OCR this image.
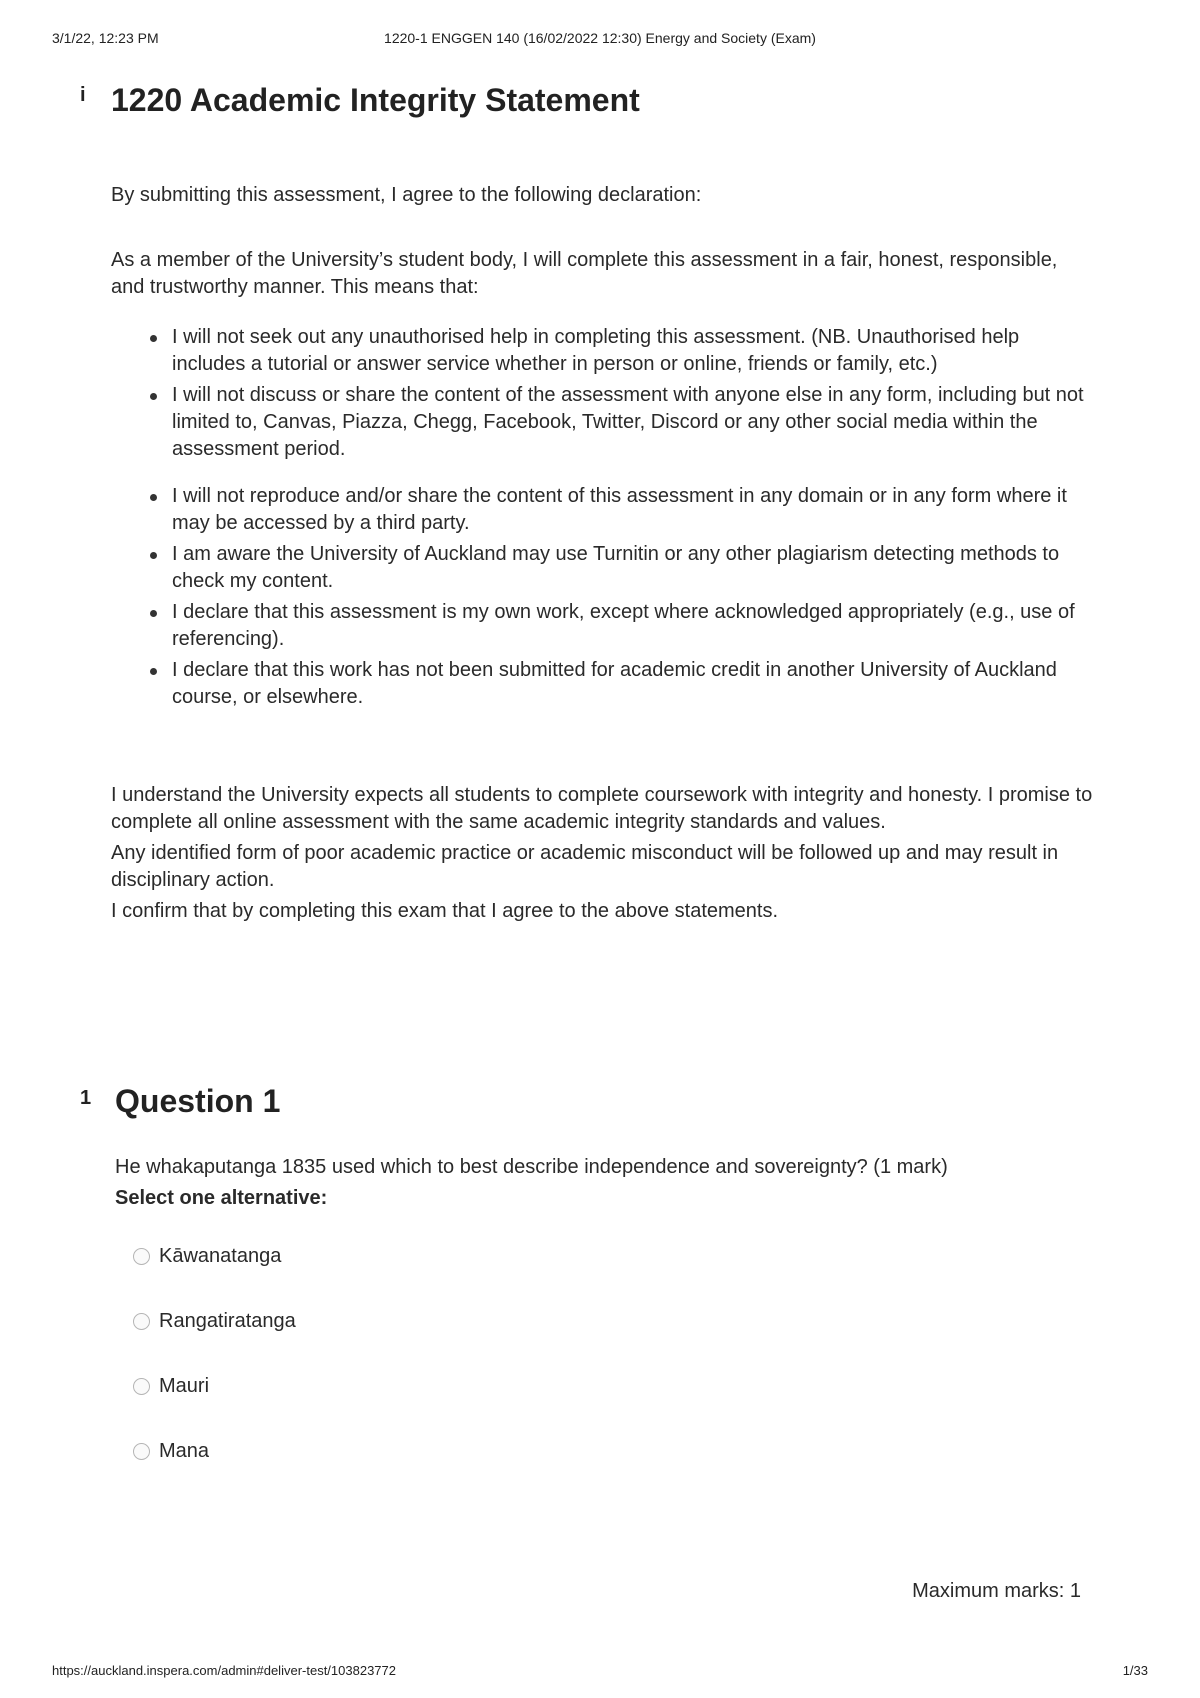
3/1/22, 12:23 PM	1220-1 ENGGEN 140 (16/02/2022 12:30) Energy and Society (Exam)
i 1220 Academic Integrity Statement

By submitting this assessment, I agree to the following declaration:

As a member of the University’s student body, I will complete this assessment in a fair, honest, responsible, and trustworthy manner. This means that:

I will not seek out any unauthorised help in completing this assessment. (NB. Unauthorised help includes a tutorial or answer service whether in person or online, friends or family, etc.)
I will not discuss or share the content of the assessment with anyone else in any form, including but not limited to, Canvas, Piazza, Chegg, Facebook, Twitter, Discord or any other social media within the assessment period.
I will not reproduce and/or share the content of this assessment in any domain or in any form where it may be accessed by a third party.
I am aware the University of Auckland may use Turnitin or any other plagiarism detecting methods to check my content.
I declare that this assessment is my own work, except where acknowledged appropriately (e.g., use of referencing).
I declare that this work has not been submitted for academic credit in another University of Auckland course, or elsewhere.

I understand the University expects all students to complete coursework with integrity and honesty. I promise to complete all online assessment with the same academic integrity standards and values.

Any identified form of poor academic practice or academic misconduct will be followed up and may result in disciplinary action.

I confirm that by completing this exam that I agree to the above statements.

1 Question 1

He whakaputanga 1835 used which to best describe independence and sovereignty? (1 mark)

Select one alternative:

Kāwanatanga
Rangatiratanga
Mauri
Mana
Maximum marks: 1
https://auckland.inspera.com/admin#deliver-test/103823772	1/33
